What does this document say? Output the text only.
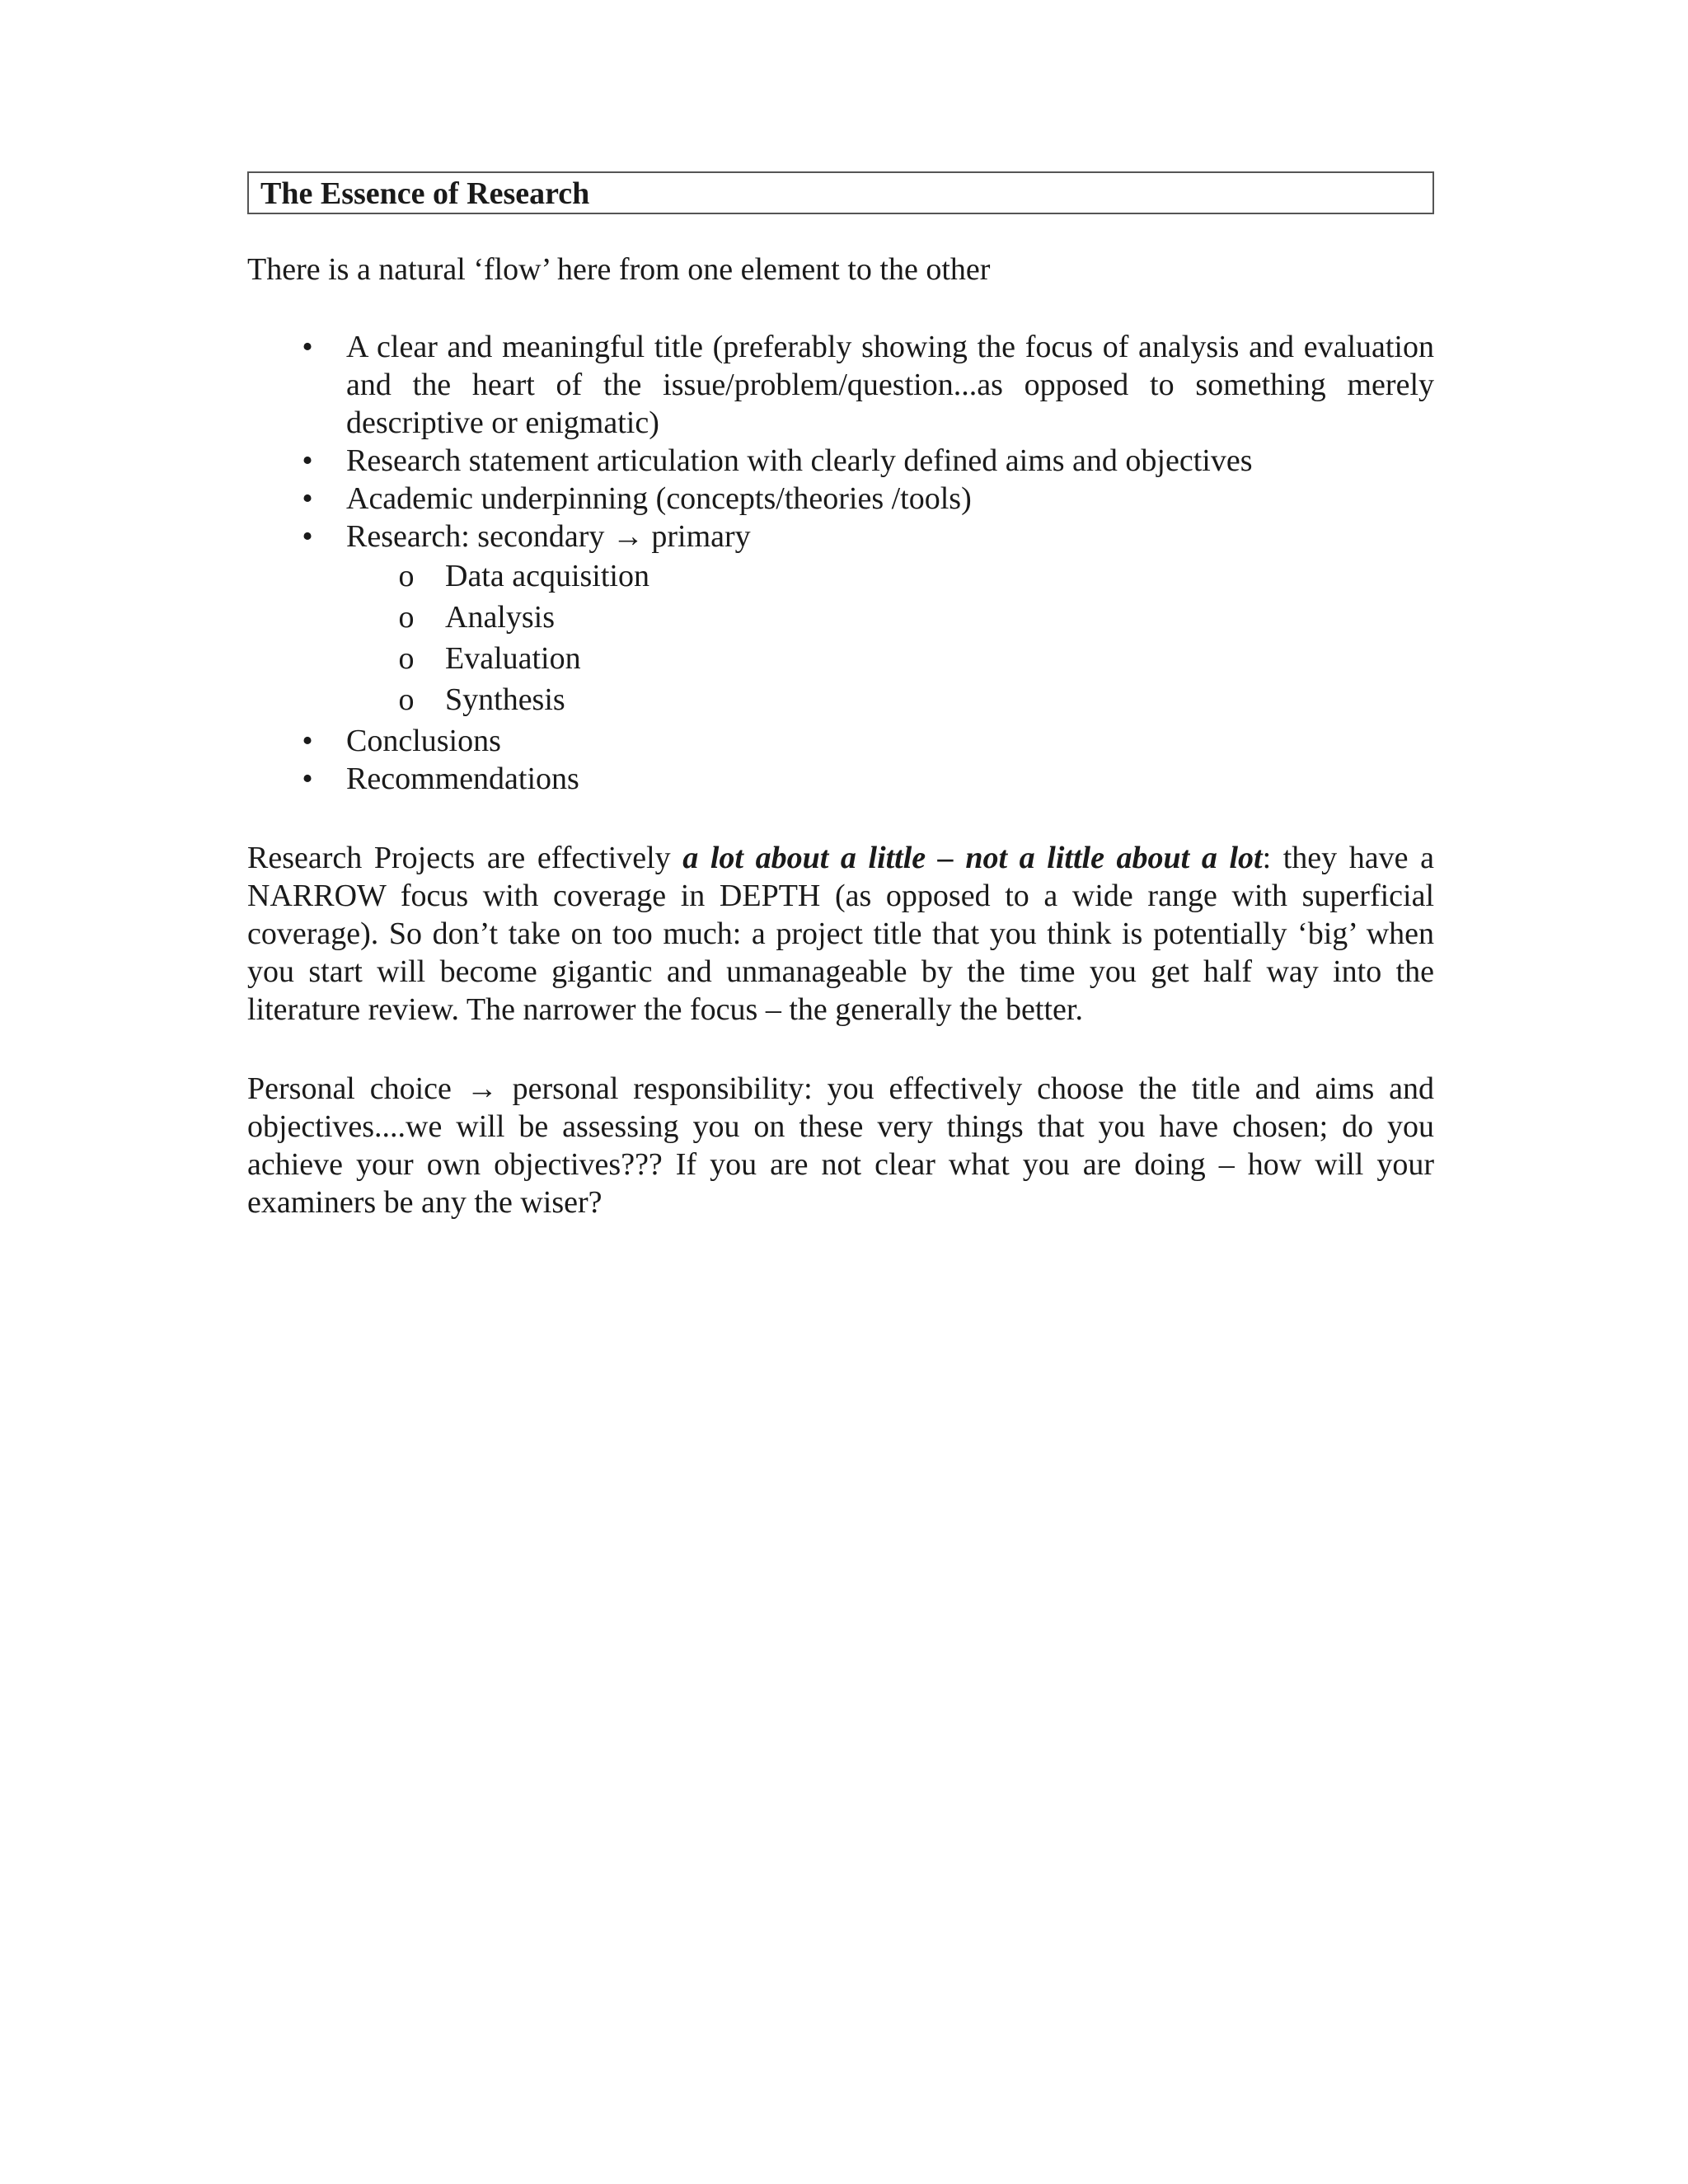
The Essence of Research
There is a natural ‘flow’ here from one element to the other
• A clear and meaningful title (preferably showing the focus of analysis and evaluation and the heart of the issue/problem/question...as opposed to something merely descriptive or enigmatic)
• Research statement articulation with clearly defined aims and objectives
• Academic underpinning (concepts/theories /tools)
• Research: secondary → primary
o Data acquisition
o Analysis
o Evaluation
o Synthesis
• Conclusions
• Recommendations

Research Projects are effectively a lot about a little – not a little about a lot: they have a NARROW focus with coverage in DEPTH (as opposed to a wide range with superficial coverage). So don’t take on too much: a project title that you think is potentially ‘big’ when you start will become gigantic and unmanageable by the time you get half way into the literature review. The narrower the focus – the generally the better.

Personal choice → personal responsibility: you effectively choose the title and aims and objectives....we will be assessing you on these very things that you have chosen; do you achieve your own objectives??? If you are not clear what you are doing – how will your examiners be any the wiser?
